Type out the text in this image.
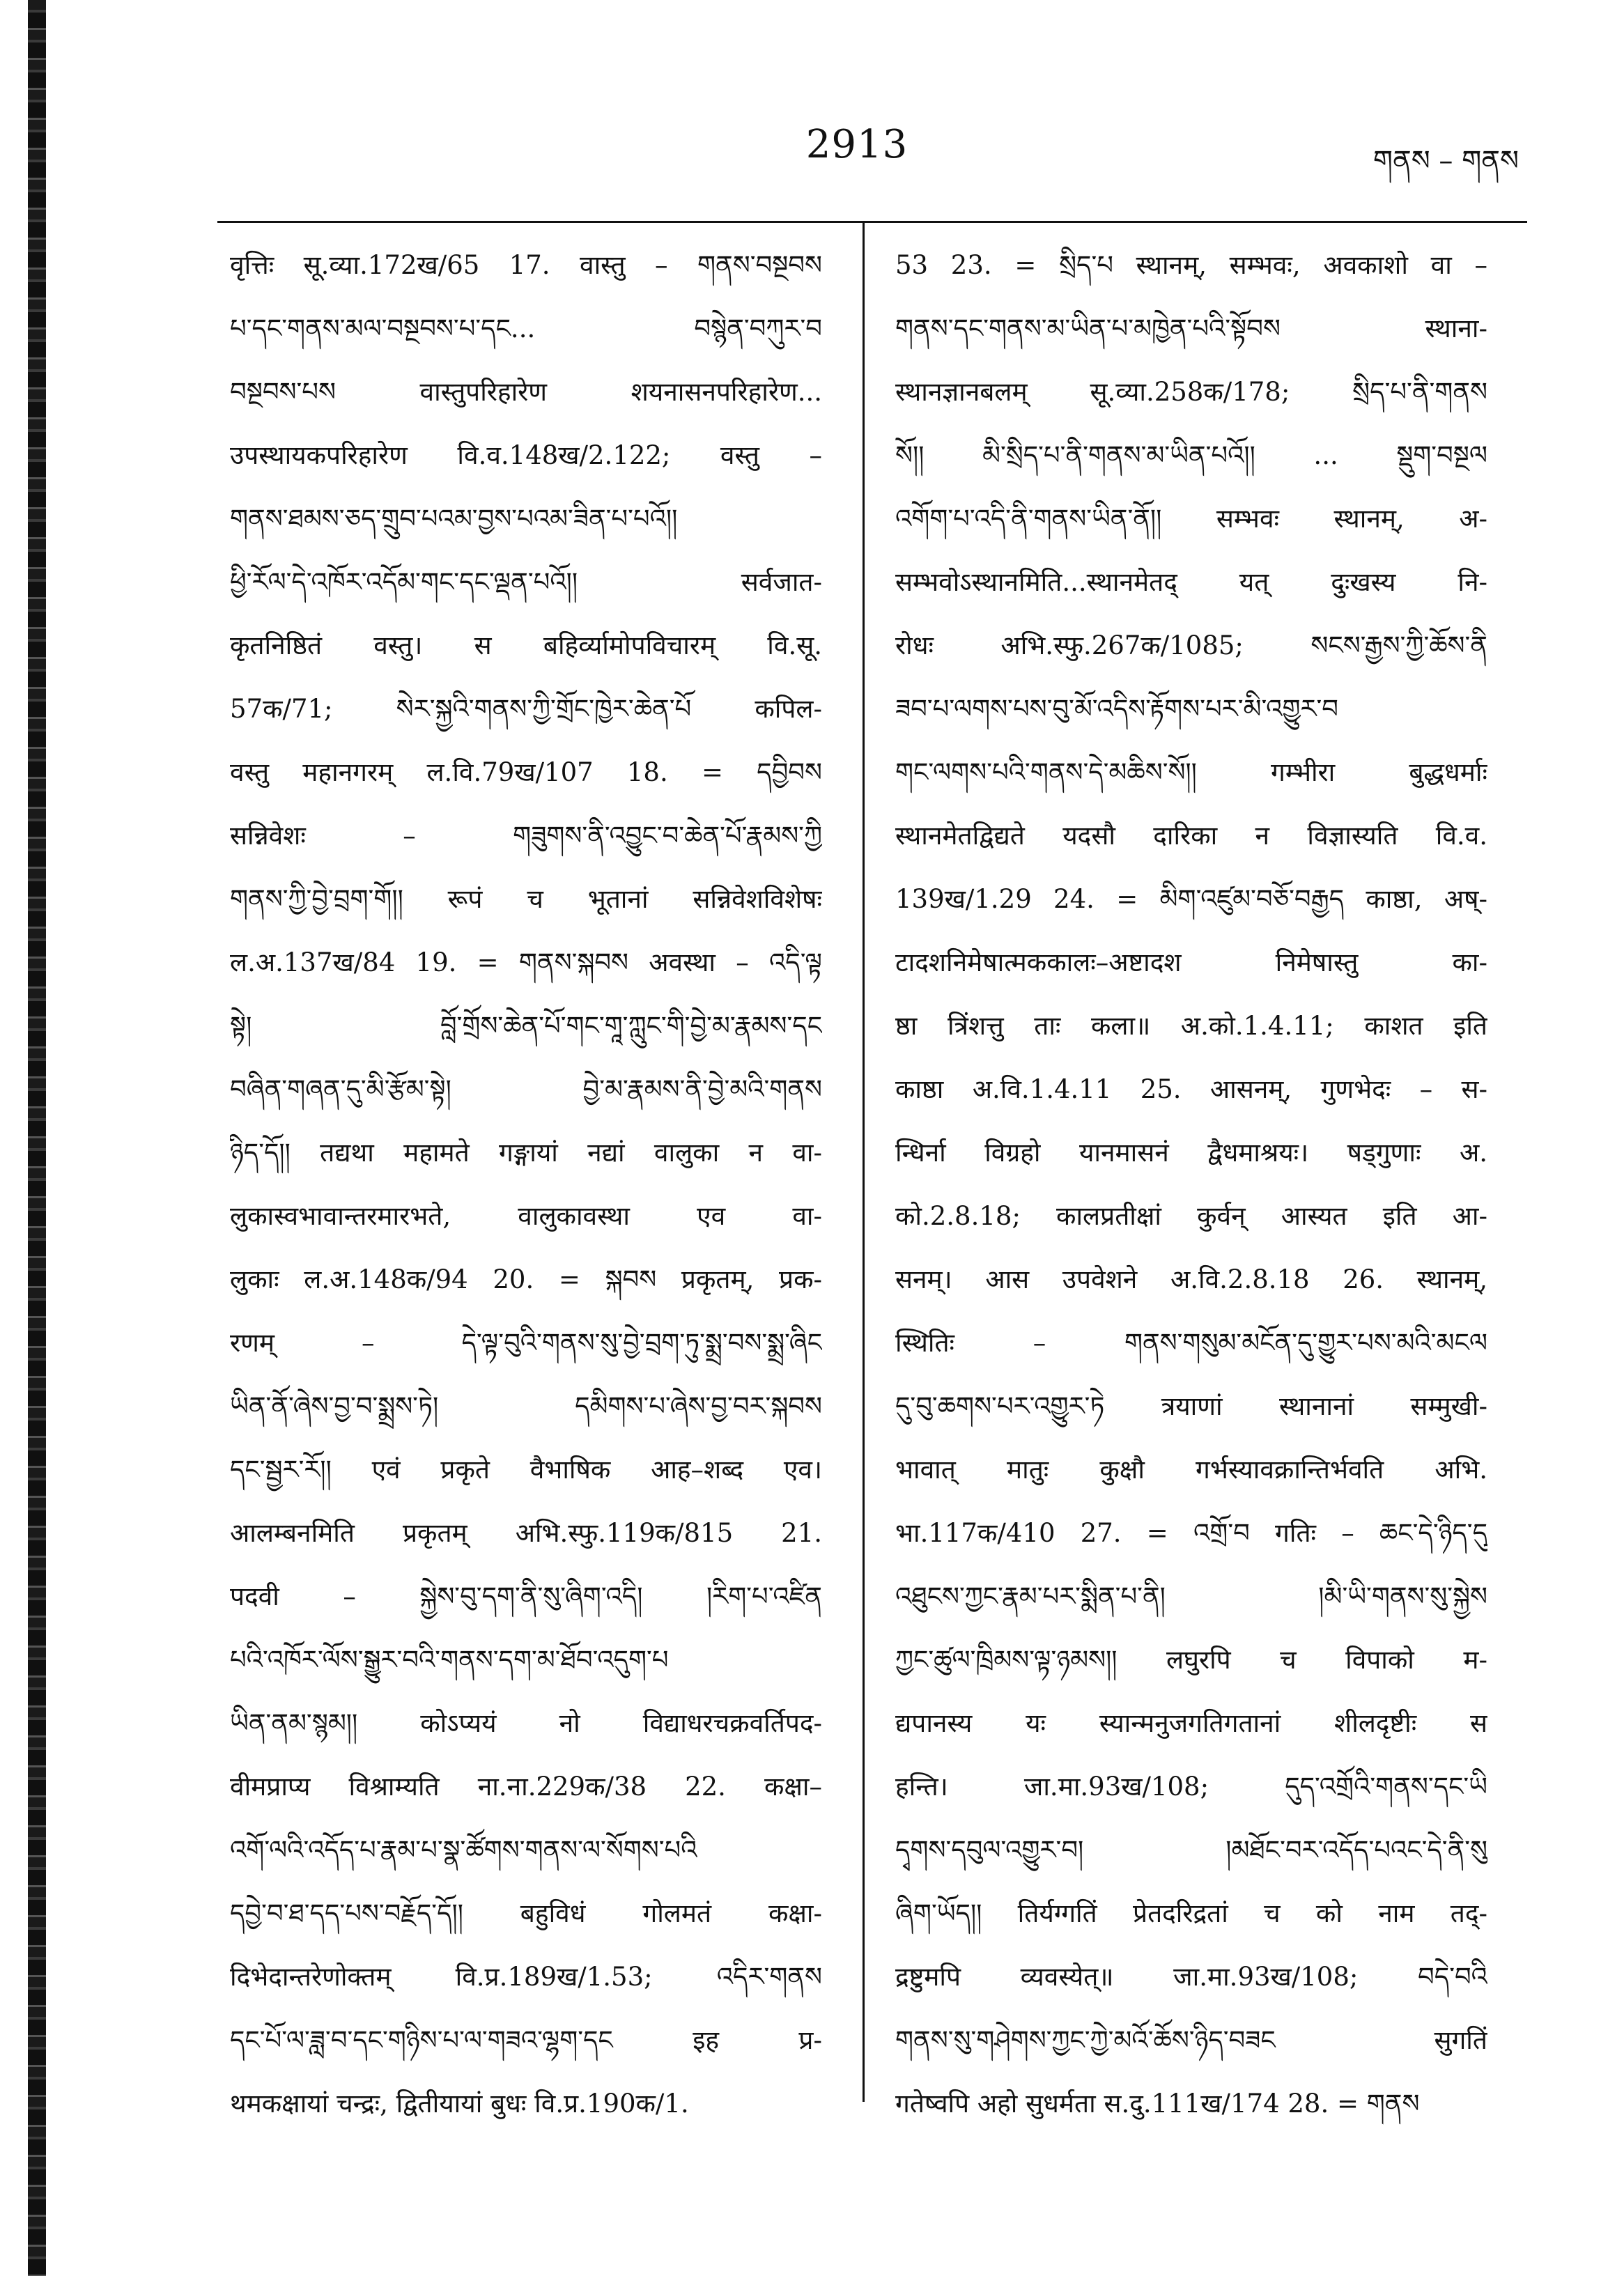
2913	གནས – གནས
वृत्तिः सू.व्या.172ख/65 17. वास्तु – གནས་བསྔབས
པ་དང་གནས་མལ་བསྔབས་པ་དང... བསྙེན་བཀུར་བ
བསྔབས་པས वास्तुपरिहारेण शयनासनपरिहारेण...
उपस्थायकपरिहारेण वि.व.148ख/2.122; वस्तु –
གནས་ཐམས་ཅད་གྲུབ་པའམ་བྱས་པའམ་ཟིན་པ་པའོ།།
ཕྱི་རོལ་དེ་འཁོར་འདོམ་གང་དང་ལྡན་པའོ།། सर्वजात-
कृतनिष्ठितं वस्तु। स बहिर्व्यामोपविचारम् वि.सू.
57क/71; སེར་སྐྱའི་གནས་ཀྱི་གྲོང་ཁྱེར་ཆེན་པོ कपिल-
वस्तु महानगरम् ल.वि.79ख/107 18. = དབྱིབས
सन्निवेशः – གཟུགས་ནི་འབྱུང་བ་ཆེན་པོ་རྣམས་ཀྱི
གནས་ཀྱི་བྱེ་བྲག་གོ།། रूपं च भूतानां सन्निवेशविशेषः
ल.अ.137ख/84 19. = གནས་སྐབས अवस्था – འདི་ལྟ
སྟེ། བློ་གྲོས་ཆེན་པོ་གང་གཱ་ཀླུང་གི་བྱེ་མ་རྣམས་དང
བཞིན་གཞན་དུ་མི་རྩོམ་སྟེ། བྱེ་མ་རྣམས་ནི་བྱེ་མའི་གནས
ཉིད་དོ།། तद्यथा महामते गङ्गायां नद्यां वालुका न वा-
लुकास्वभावान्तरमारभते, वालुकावस्था एव वा-
लुकाः ल.अ.148क/94 20. = སྐབས प्रकृतम्, प्रक-
रणम् – དེ་ལྟ་བུའི་གནས་སུ་བྱེ་བྲག་ཏུ་སྨྲ་བས་སྨྲ་ཞིང
ཡིན་ནོ་ཞེས་བྱ་བ་སྨྲས་ཏེ། དམིགས་པ་ཞེས་བྱ་བར་སྐབས
དང་སྦྱར་རོ།། एवं प्रकृते वैभाषिक आह–शब्द एव।
आलम्बनमिति प्रकृतम् अभि.स्फु.119क/815 21.
पदवी – སྐྱེས་བུ་དག་ནི་སུ་ཞིག་འདི། །རིག་པ་འཛིན
པའི་འཁོར་ལོས་སྒྱུར་བའི་གནས་དག་མ་ཐོབ་འདུག་པ
ཡིན་ནམ་སྙམ།། कोऽप्ययं नो विद्याधरचक्रवर्तिपद-
वीमप्राप्य विश्राम्यति ना.ना.229क/38 22. कक्षा–
འགོ་ལའི་འདོད་པ་རྣམ་པ་སྣ་ཚོགས་གནས་ལ་སོགས་པའི
དབྱེ་བ་ཐ་དད་པས་བརྗོད་དོ།། बहुविधं गोलमतं कक्षा-
दिभेदान्तरेणोक्तम् वि.प्र.189ख/1.53; འདིར་གནས
དང་པོ་ལ་ཟླ་བ་དང་གཉིས་པ་ལ་གཟའ་ལྷག་དང इह प्र-
थमकक्षायां चन्द्रः, द्वितीयायां बुधः वि.प्र.190क/1.
53 23. = སྲིད་པ स्थानम्, सम्भवः, अवकाशो वा –
གནས་དང་གནས་མ་ཡིན་པ་མཁྱེན་པའི་སྟོབས स्थाना-
स्थानज्ञानबलम् सू.व्या.258क/178; སྲིད་པ་ནི་གནས
སོ།། མི་སྲིད་པ་ནི་གནས་མ་ཡིན་པའོ།། ... སྡུག་བསྔལ
འགོག་པ་འདི་ནི་གནས་ཡིན་ནོ།། सम्भवः स्थानम्, अ-
सम्भवोऽस्थानमिति...स्थानमेतद् यत् दुःखस्य नि-
रोधः अभि.स्फु.267क/1085; སངས་རྒྱས་ཀྱི་ཆོས་ནི
ཟབ་པ་ལགས་པས་བུ་མོ་འདིས་རྟོགས་པར་མི་འགྱུར་བ
གང་ལགས་པའི་གནས་དེ་མཆིས་སོ།། गम्भीरा बुद्धधर्माः
स्थानमेतद्विद्यते यदसौ दारिका न विज्ञास्यति वि.व.
139ख/1.29 24. = མིག་འཛུམ་བཅོ་བརྒྱད काष्ठा, अष्-
टादशनिमेषात्मककालः–अष्टादश निमेषास्तु का-
ष्ठा त्रिंशत्तु ताः कला॥ अ.को.1.4.11; काशत इति
काष्ठा अ.वि.1.4.11 25. आसनम्, गुणभेदः – स-
न्धिर्ना विग्रहो यानमासनं द्वैधमाश्रयः। षड्गुणाः अ.
को.2.8.18; कालप्रतीक्षां कुर्वन् आस्यत इति आ-
सनम्। आस उपवेशने अ.वि.2.8.18 26. स्थानम्,
स्थितिः – གནས་གསུམ་མངོན་དུ་གྱུར་པས་མའི་མངལ
དུ་བུ་ཆགས་པར་འགྱུར་ཏེ त्रयाणां स्थानानां सम्मुखी-
भावात् मातुः कुक्षौ गर्भस्यावक्रान्तिर्भवति अभि.
भा.117क/410 27. = འགྲོ་བ गतिः – ཆང་དེ་ཉིད་དུ
འཐུངས་ཀྱང་རྣམ་པར་སྨིན་པ་ནི། །མི་ཡི་གནས་སུ་སྐྱེས
ཀྱང་ཚུལ་ཁྲིམས་ལྟ་ཉམས།། लघुरपि च विपाको म-
द्यपानस्य यः स्यान्मनुजगतिगतानां शीलदृष्टीः स
हन्ति। जा.मा.93ख/108; དུད་འགྲོའི་གནས་དང་ཡི
དྭགས་དབུལ་འགྱུར་བ། །མཐོང་བར་འདོད་པའང་དེ་ནི་སུ
ཞིག་ཡོད།། तिर्यग्गतिं प्रेतदरिद्रतां च को नाम तद्-
द्रष्टुमपि व्यवस्येत्॥ जा.मा.93ख/108; བདེ་བའི
གནས་སུ་གཤེགས་ཀྱང་ཀྱེ་མའོ་ཆོས་ཉིད་བཟང सुगतिं
गतेष्वपि अहो सुधर्मता स.दु.111ख/174 28. = གནས
